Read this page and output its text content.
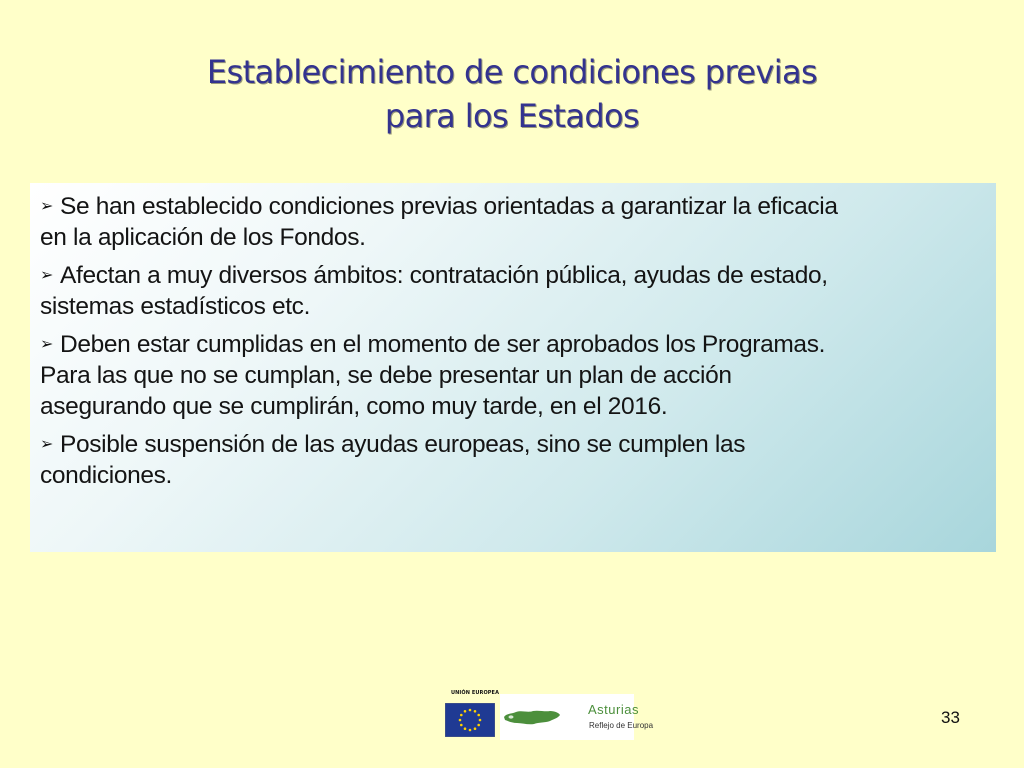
Establecimiento de condiciones previas
para los Estados

➢ Se han establecido condiciones previas orientadas a garantizar la eficacia
en la aplicación de los Fondos.

➢ Afectan a muy diversos ámbitos: contratación pública, ayudas de estado,
sistemas estadísticos etc.

➢ Deben estar cumplidas en el momento de ser aprobados los Programas.
Para las que no se cumplan, se debe presentar un plan de acción
asegurando que se cumplirán, como muy tarde, en el 2016.

➢ Posible suspensión de las ayudas europeas, sino se cumplen las
condiciones.

UNIÓN EUROPEA
Asturias
Reflejo de Europa	33
